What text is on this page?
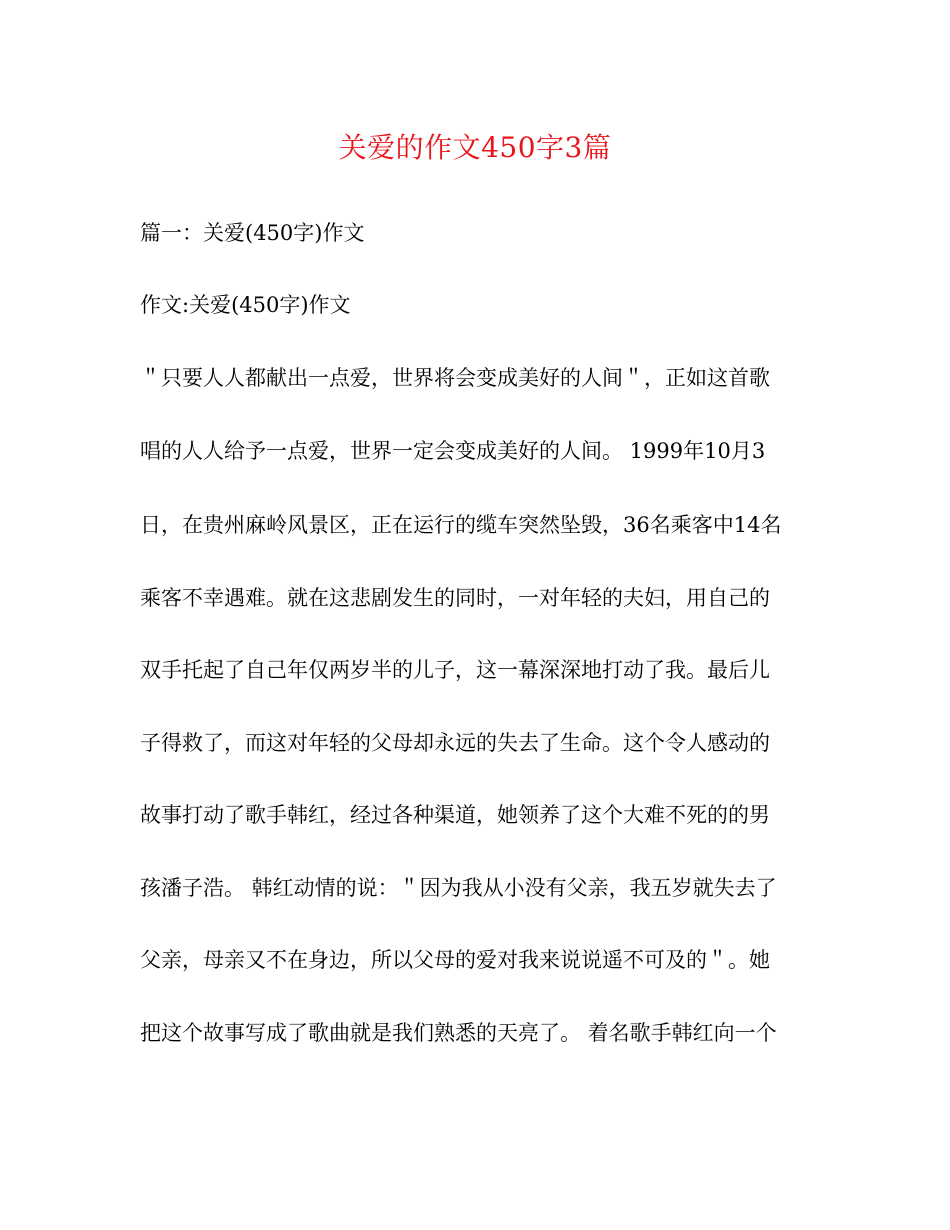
关爱的作文450字3篇
篇一：关爱(450字)作文
作文:关爱(450字)作文
＂只要人人都献出一点爱，世界将会变成美好的人间＂，正如这首歌
唱的人人给予一点爱，世界一定会变成美好的人间。 1999年10月3
日，在贵州麻岭风景区，正在运行的缆车突然坠毁，36名乘客中14名
乘客不幸遇难。就在这悲剧发生的同时，一对年轻的夫妇，用自己的
双手托起了自己年仅两岁半的儿子，这一幕深深地打动了我。最后儿
子得救了，而这对年轻的父母却永远的失去了生命。这个令人感动的
故事打动了歌手韩红，经过各种渠道，她领养了这个大难不死的的男
孩潘子浩。 韩红动情的说：＂因为我从小没有父亲，我五岁就失去了
父亲，母亲又不在身边，所以父母的爱对我来说说遥不可及的＂。她
把这个故事写成了歌曲就是我们熟悉的天亮了。 着名歌手韩红向一个
